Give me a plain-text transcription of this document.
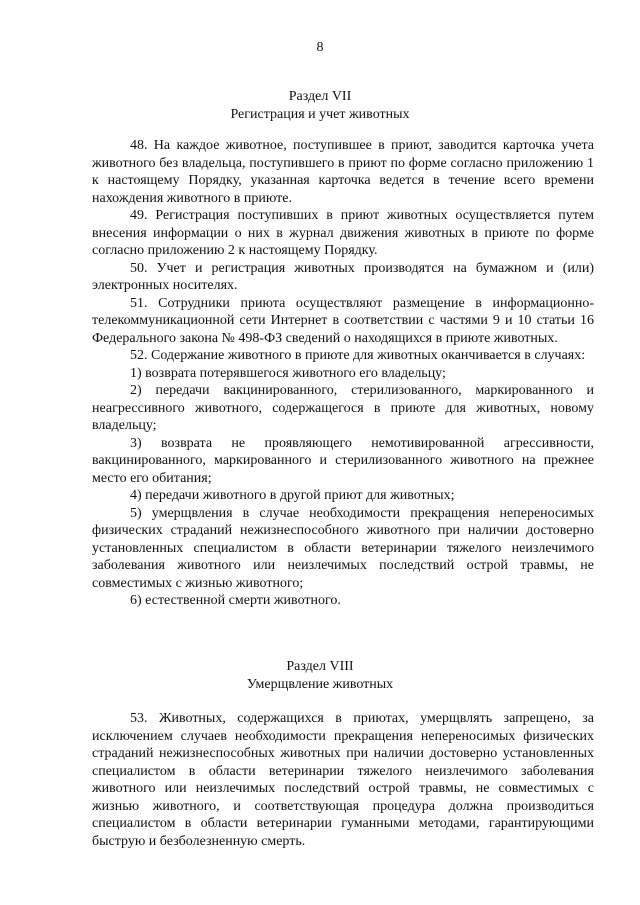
8
Раздел VII
Регистрация и учет животных

48. На каждое животное, поступившее в приют, заводится карточка учета животного без владельца, поступившего в приют по форме согласно приложению 1 к настоящему Порядку, указанная карточка ведется в течение всего времени нахождения животного в приюте.

49. Регистрация поступивших в приют животных осуществляется путем внесения информации о них в журнал движения животных в приюте по форме согласно приложению 2 к настоящему Порядку.

50. Учет и регистрация животных производятся на бумажном и (или) электронных носителях.

51. Сотрудники приюта осуществляют размещение в информационно-телекоммуникационной сети Интернет в соответствии с частями 9 и 10 статьи 16 Федерального закона № 498-ФЗ сведений о находящихся в приюте животных.

52. Содержание животного в приюте для животных оканчивается в случаях:

1) возврата потерявшегося животного его владельцу;

2) передачи вакцинированного, стерилизованного, маркированного и неагрессивного животного, содержащегося в приюте для животных, новому владельцу;

3) возврата не проявляющего немотивированной агрессивности, вакцинированного, маркированного и стерилизованного животного на прежнее место его обитания;

4) передачи животного в другой приют для животных;

5) умерщвления в случае необходимости прекращения непереносимых физических страданий нежизнеспособного животного при наличии достоверно установленных специалистом в области ветеринарии тяжелого неизлечимого заболевания животного или неизлечимых последствий острой травмы, не совместимых с жизнью животного;

6) естественной смерти животного.

Раздел VIII
Умерщвление животных

53. Животных, содержащихся в приютах, умерщвлять запрещено, за исключением случаев необходимости прекращения непереносимых физических страданий нежизнеспособных животных при наличии достоверно установленных специалистом в области ветеринарии тяжелого неизлечимого заболевания животного или неизлечимых последствий острой травмы, не совместимых с жизнью животного, и соответствующая процедура должна производиться специалистом в области ветеринарии гуманными методами, гарантирующими быструю и безболезненную смерть.
